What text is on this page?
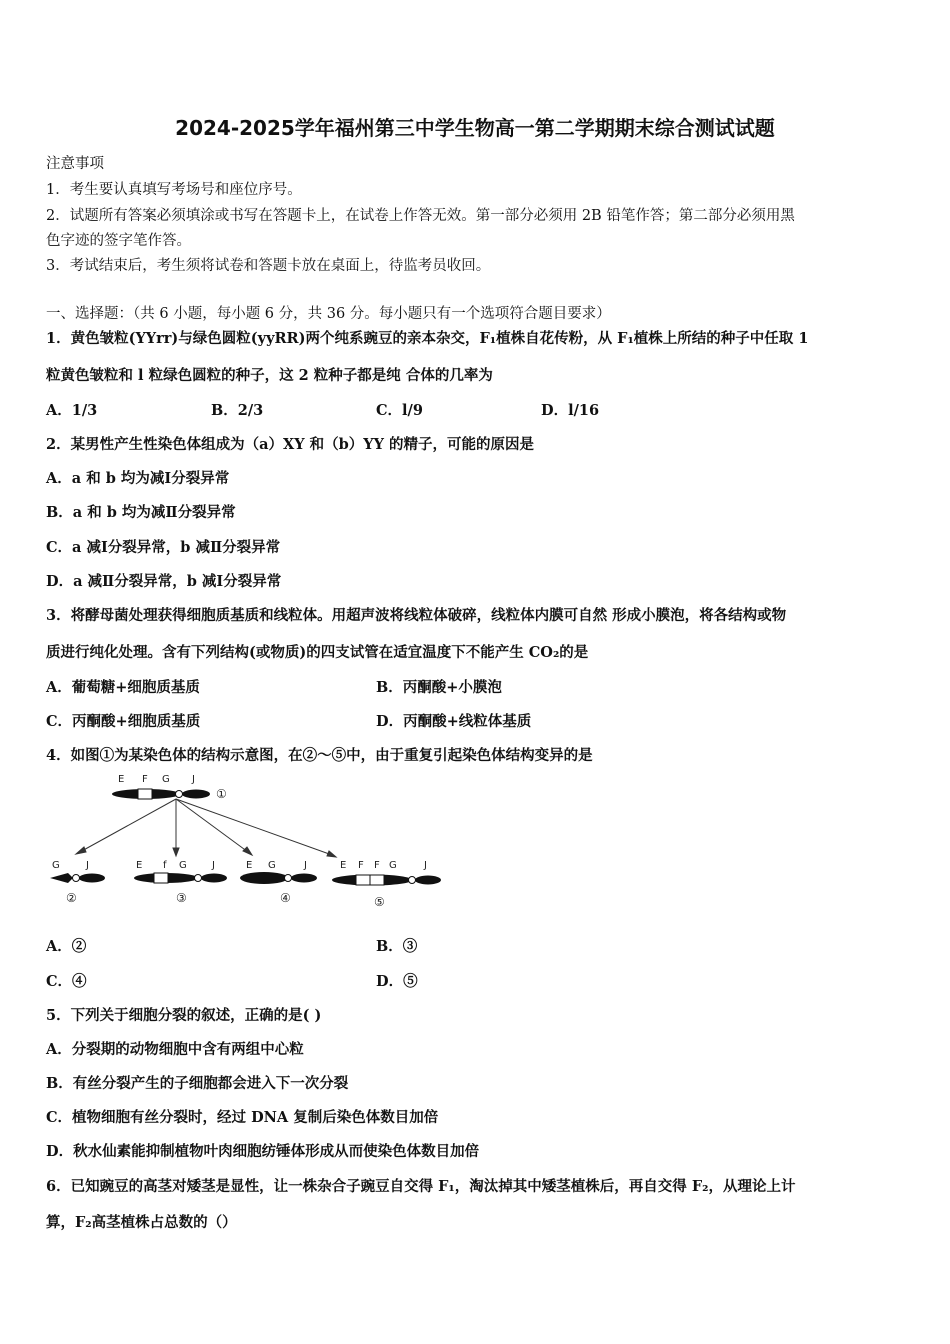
2024-2025学年福州第三中学生物高一第二学期期末综合测试试题
注意事项
1．考生要认真填写考场号和座位序号。
2．试题所有答案必须填涂或书写在答题卡上，在试卷上作答无效。第一部分必须用 2B 铅笔作答；第二部分必须用黑
色字迹的签字笔作答。
3．考试结束后，考生须将试卷和答题卡放在桌面上，待监考员收回。
一、选择题：（共 6 小题，每小题 6 分，共 36 分。每小题只有一个选项符合题目要求）
1．黄色皱粒(YYrr)与绿色圆粒(yyRR)两个纯系豌豆的亲本杂交，F₁植株自花传粉，从 F₁植株上所结的种子中任取 1
粒黄色皱粒和 l 粒绿色圆粒的种子，这 2 粒种子都是纯 合体的几率为
A．1/3	B．2/3	C．l/9	D．l/16
2．某男性产生性染色体组成为（a）XY 和（b）YY 的精子，可能的原因是
A．a 和 b 均为减Ⅰ分裂异常
B．a 和 b 均为减Ⅱ分裂异常
C．a 减Ⅰ分裂异常，b 减Ⅱ分裂异常
D．a 减Ⅱ分裂异常，b 减Ⅰ分裂异常
3．将酵母菌处理获得细胞质基质和线粒体。用超声波将线粒体破碎，线粒体内膜可自然 形成小膜泡，将各结构或物
质进行纯化处理。含有下列结构(或物质)的四支试管在适宜温度下不能产生 CO₂的是
A．葡萄糖+细胞质基质	B．丙酮酸+小膜泡
C．丙酮酸+细胞质基质	D．丙酮酸+线粒体基质
4．如图①为某染色体的结构示意图，在②～⑤中，由于重复引起染色体结构变异的是
E F G J
①
G	J
②
E f G	J
③
E G	J
④
E F F G	J
⑤
A．②	B．③
C．④	D．⑤
5．下列关于细胞分裂的叙述，正确的是( )
A．分裂期的动物细胞中含有两组中心粒
B．有丝分裂产生的子细胞都会进入下一次分裂
C．植物细胞有丝分裂时，经过 DNA 复制后染色体数目加倍
D．秋水仙素能抑制植物叶肉细胞纺锤体形成从而使染色体数目加倍
6．已知豌豆的高茎对矮茎是显性，让一株杂合子豌豆自交得 F₁，淘汰掉其中矮茎植株后，再自交得 F₂，从理论上计
算，F₂高茎植株占总数的（）
